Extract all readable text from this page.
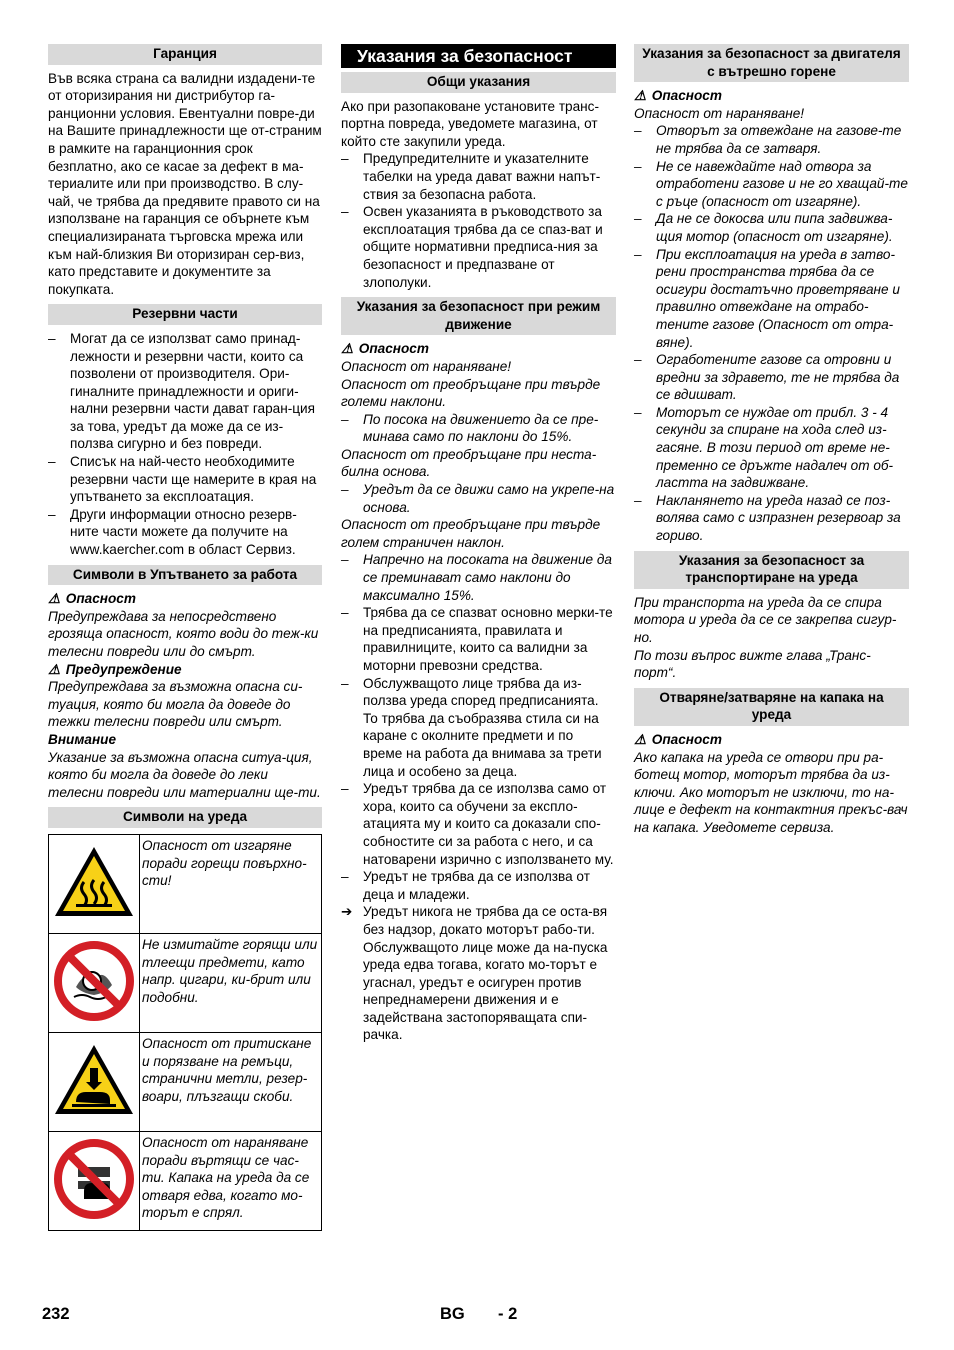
Гаранция

Във всяка страна са валидни издадени-те от оторизирания ни дистрибутор га-ранционни условия. Евентуални повре-ди на Вашите принадлежности ще от-страним в рамките на гаранционния срок безплатно, ако се касае за дефект в ма-териалите или при производство. В слу-чай, че трябва да предявите правото си на използване на гаранция се обърнете към специализираната търговска мрежа или към най-близкия Ви оторизиран сер-виз, като представите и документите за покупката.

Резервни части
– Могат да се използват само принад-лежности и резервни части, които са позволени от производителя. Ори-гиналните принадлежности и ориги-нални резервни части дават гаран-ция за това, уредът да може да се из-ползва сигурно и без повреди.
– Списък на най-често необходимите резервни части ще намерите в края на упътването за експлоатация.
– Други информации относно резерв-ните части можете да получите на www.kaercher.com в област Сервиз.
Символи в Упътването за работа

⚠ Опасност

Предупреждава за непосредствено грозяща опасност, която води до теж-ки телесни повреди или до смърт.

⚠ Предупреждение

Предупреждава за възможна опасна си-туация, която би могла да доведе до тежки телесни повреди или смърт.

Внимание

Указание за възможна опасна ситуа-ция, която би могла да доведе до леки телесни повреди или материални ще-ти.

Символи на уреда
	Опасност от изгаряне поради горещи повърхно-сти!
	Не измитайте горящи или тлеещи предмети, като напр. цигари, ки-брит или подобни.
	Опасност от притискане и порязване на ремъци, странични метли, резер-воари, плъзгащи скоби.
	Опасност от нараняване поради въртящи се час-ти. Капака на уреда да се отваря едва, когато мо-торът е спрял.
Указания за безопасност
Общи указания

Ако при разопаковане установите транс-портна повреда, уведомете магазина, от който сте закупили уреда.

– Предупредителните и указателните табелки на уреда дават важни напът-ствия за безопасна работа.
– Освен указанията в ръководството за експлоатация трябва да се спаз-ват и общите нормативни предписа-ния за безопасност и предпазване от злополуки.
Указания за безопасност при режим движение

⚠ Опасност

Опасност от нараняване!

Опасност от преобръщане при твърде големи наклони.

– По посока на движението да се пре-минава само по наклони до 15%.

Опасност от преобръщане при неста-билна основа.

– Уредът да се движи само на укрепе-на основа.

Опасност от преобръщане при твърде голем страничен наклон.

– Напречно на посоката на движение да се преминават само наклони до максимално 15%.
– Трябва да се спазват основно мерки-те на предписанията, правилата и правилниците, които са валидни за моторни превозни средства.
– Обслужващото лице трябва да из-ползва уреда според предписанията. То трябва да съобразява стила си на каране с околните предмети и по време на работа да внимава за трети лица и особено за деца.
– Уредът трябва да се използва само от хора, които са обучени за експло-атацията му и които са доказали спо-собностите си за работа с него, и са натоварени изрично с използването му.
– Уредът не трябва да се използва от деца и младежи.
➔ Уредът никога не трябва да се оста-вя без надзор, докато моторът рабо-ти. Обслужващото лице може да на-пуска уреда едва тогава, когато мо-торът е угаснал, уредът е осигурен против непреднамерени движения и е задействана застопоряващата спи-рачка.
Указания за безопасност за двигателя с вътрешно горене

⚠ Опасност

Опасност от нараняване!

– Отворът за отвеждане на газове-те не трябва да се затваря.
– Не се навеждайте над отвора за отработени газове и не го хващай-те с ръце (опасност от изгаряне).
– Да не се докосва или пипа задвижва-щия мотор (опасност от изгаряне).
– При експлоатация на уреда в затво-рени пространства трябва да се осигури достатъчно проветряване и правилно отвеждане на отрабо-тените газове (Опасност от отра-вяне).
– Огработените газове са отровни и вредни за здравето, те не трябва да се вдишват.
– Моторът се нуждае от прибл. 3 - 4 секунди за спиране на хода след из-гасяне. В този период от време не-пременно се дръжте надалеч от об-ластта на задвижване.
– Накланянето на уреда назад се поз-волява само с изпразнен резервоар за гориво.
Указания за безопасност за транспортиране на уреда

При транспорта на уреда да се спира мотора и уреда да се се закрепва сигур-но.

По този въпрос вижте глава „Транс-порт“.

Отваряне/затваряне на капака на уреда

⚠ Опасност

Ако капака на уреда се отвори при ра-ботещ мотор, моторът трябва да из-ключи. Ако моторът не изключи, то на-лице е дефект на контактния прекъс-вач на капака. Уведомете сервиза.

232	BG - 2
